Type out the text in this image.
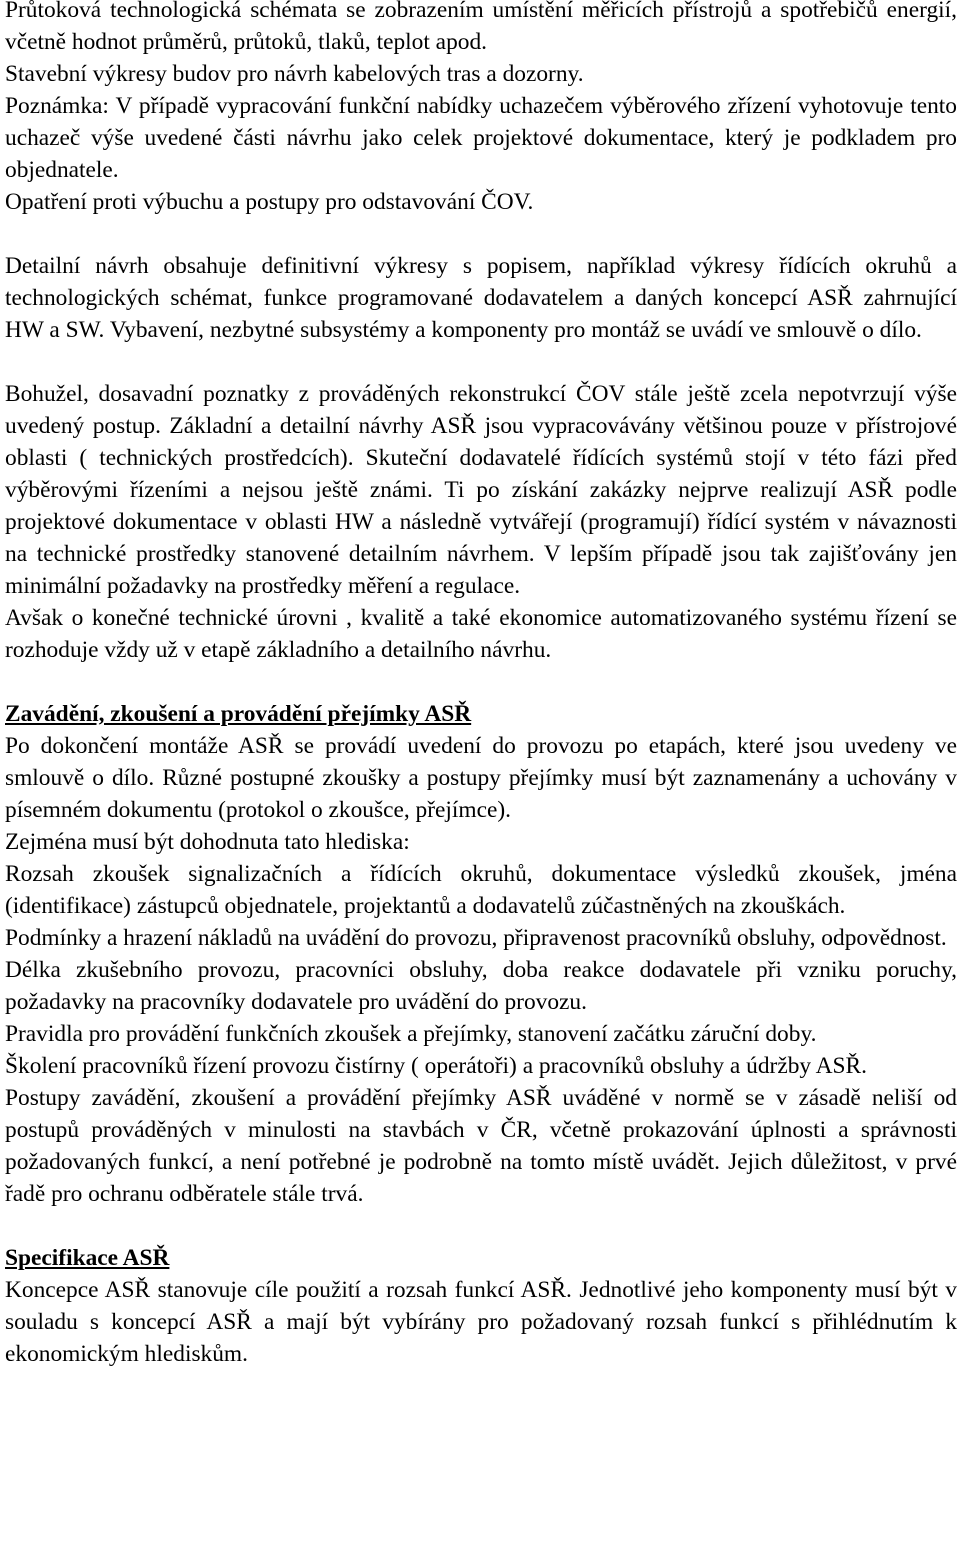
Průtoková technologická schémata se zobrazením umístění měřicích přístrojů a spotřebičů energií, včetně hodnot průměrů, průtoků, tlaků, teplot apod.

Stavební výkresy budov pro návrh kabelových tras a dozorny.

Poznámka: V případě vypracování funkční nabídky uchazečem výběrového zřízení vyhotovuje tento uchazeč výše uvedené části návrhu jako celek projektové dokumentace, který je podkladem pro objednatele.

Opatření proti výbuchu a postupy pro odstavování ČOV.

Detailní návrh obsahuje definitivní výkresy s popisem, například výkresy řídících okruhů a technologických schémat, funkce programované dodavatelem a daných koncepcí ASŘ zahrnující HW a SW. Vybavení, nezbytné subsystémy a komponenty pro montáž se uvádí ve smlouvě o dílo.

Bohužel, dosavadní poznatky z prováděných rekonstrukcí ČOV stále ještě zcela nepotvrzují výše uvedený postup. Základní a detailní návrhy ASŘ jsou vypracovávány většinou pouze v přístrojové oblasti ( technických prostředcích). Skuteční dodavatelé řídících systémů stojí v této fázi před výběrovými řízeními a nejsou ještě známi. Ti po získání zakázky nejprve realizují ASŘ podle projektové dokumentace v oblasti HW a následně vytvářejí (programují) řídící systém v návaznosti na technické prostředky stanovené detailním návrhem. V lepším případě jsou tak zajišťovány jen minimální požadavky na prostředky měření a regulace.

Avšak o konečné technické úrovni , kvalitě a také ekonomice automatizovaného systému řízení se rozhoduje vždy už v etapě základního a detailního návrhu.

Zavádění, zkoušení a provádění přejímky ASŘ

Po dokončení montáže ASŘ se provádí uvedení do provozu po etapách, které jsou uvedeny ve smlouvě o dílo. Různé postupné zkoušky a postupy přejímky musí být zaznamenány a uchovány v písemném dokumentu (protokol o zkoušce, přejímce).

Zejména musí být dohodnuta tato hlediska:

Rozsah zkoušek signalizačních a řídících okruhů, dokumentace výsledků zkoušek, jména (identifikace) zástupců objednatele, projektantů a dodavatelů zúčastněných na zkouškách.

Podmínky a hrazení nákladů na uvádění do provozu, připravenost pracovníků obsluhy, odpovědnost.

Délka zkušebního provozu, pracovníci obsluhy, doba reakce dodavatele při vzniku poruchy, požadavky na pracovníky dodavatele pro uvádění do provozu.

Pravidla pro provádění funkčních zkoušek a přejímky, stanovení začátku záruční doby.

Školení pracovníků řízení provozu čistírny ( operátoři) a pracovníků obsluhy a údržby ASŘ.

Postupy zavádění, zkoušení a provádění přejímky ASŘ uváděné v normě se v zásadě neliší od postupů prováděných v minulosti na stavbách v ČR, včetně prokazování úplnosti a správnosti požadovaných funkcí, a není potřebné je podrobně na tomto místě uvádět. Jejich důležitost, v prvé řadě pro ochranu odběratele stále trvá.

Specifikace ASŘ

Koncepce ASŘ stanovuje cíle použití a rozsah funkcí ASŘ. Jednotlivé jeho komponenty musí být v souladu s koncepcí ASŘ a mají být vybírány pro požadovaný rozsah funkcí s přihlédnutím k ekonomickým hlediskům.
